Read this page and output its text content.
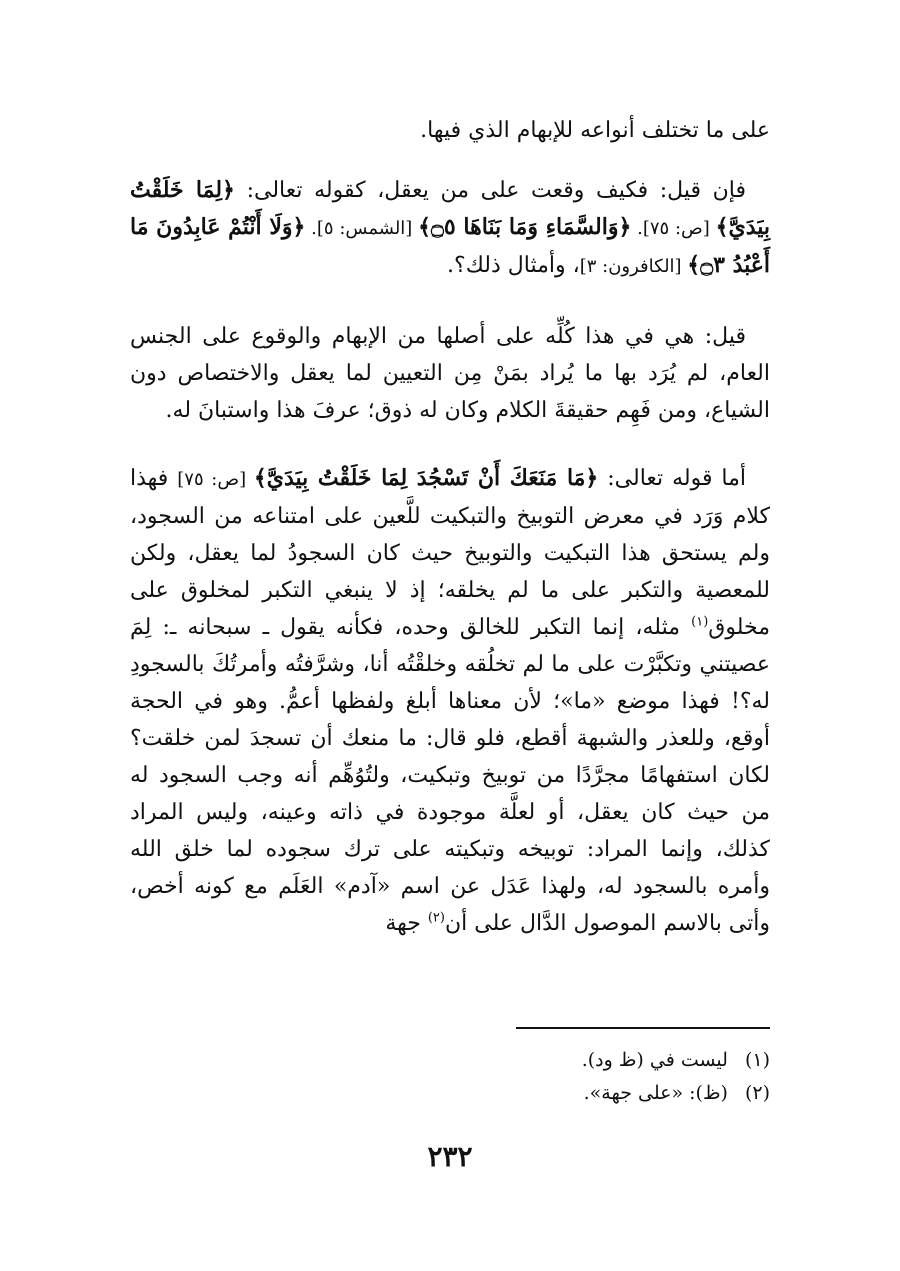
على ما تختلف أنواعه للإبهام الذي فيها.

فإن قيل: فكيف وقعت على من يعقل، كقوله تعالى: ﴿لِمَا خَلَقْتُ بِيَدَيَّ﴾ [ص: ٧٥]. ﴿وَالسَّمَاءِ وَمَا بَنَاهَا ۝٥﴾ [الشمس: ٥]. ﴿وَلَا أَنْتُمْ عَابِدُونَ مَا أَعْبُدُ ۝٣﴾ [الكافرون: ٣]، وأمثال ذلك؟.

قيل: هي في هذا كُلِّه على أصلها من الإبهام والوقوع على الجنس العام، لم يُرَد بها ما يُراد بمَنْ مِن التعيين لما يعقل والاختصاص دون الشياع، ومن فَهِم حقيقةَ الكلام وكان له ذوق؛ عرفَ هذا واستبانَ له.

أما قوله تعالى: ﴿مَا مَنَعَكَ أَنْ تَسْجُدَ لِمَا خَلَقْتُ بِيَدَيَّ﴾ [ص: ٧٥] فهذا كلام وَرَد في معرض التوبيخ والتبكيت للَّعين على امتناعه من السجود، ولم يستحق هذا التبكيت والتوبيخ حيث كان السجودُ لما يعقل، ولكن للمعصية والتكبر على ما لم يخلقه؛ إذ لا ينبغي التكبر لمخلوق على مخلوق$^{(١)}$ مثله، إنما التكبر للخالق وحده، فكأنه يقول ـ سبحانه ـ: لِمَ عصيتني وتكبَّرْت على ما لم تخلُقه وخلقْتُه أنا، وشرَّفتُه وأمرتُكَ بالسجودِ له؟! فهذا موضع «ما»؛ لأن معناها أبلغ ولفظها أعمُّ. وهو في الحجة أوقع، وللعذر والشبهة أقطع، فلو قال: ما منعك أن تسجدَ لمن خلقت؟ لكان استفهامًا مجرَّدًا من توبيخ وتبكيت، ولتُوُهِّم أنه وجب السجود له من حيث كان يعقل، أو لعلَّة موجودة في ذاته وعينه، وليس المراد كذلك، وإنما المراد: توبيخه وتبكيته على ترك سجوده لما خلق الله وأمره بالسجود له، ولهذا عَدَل عن اسم «آدم» العَلَم مع كونه أخص، وأتى بالاسم الموصول الدَّال على أن$^{(٢)}$ جهة

(١) ليست في (ظ ود).
(٢) (ظ): «على جهة».
٢٣٢
